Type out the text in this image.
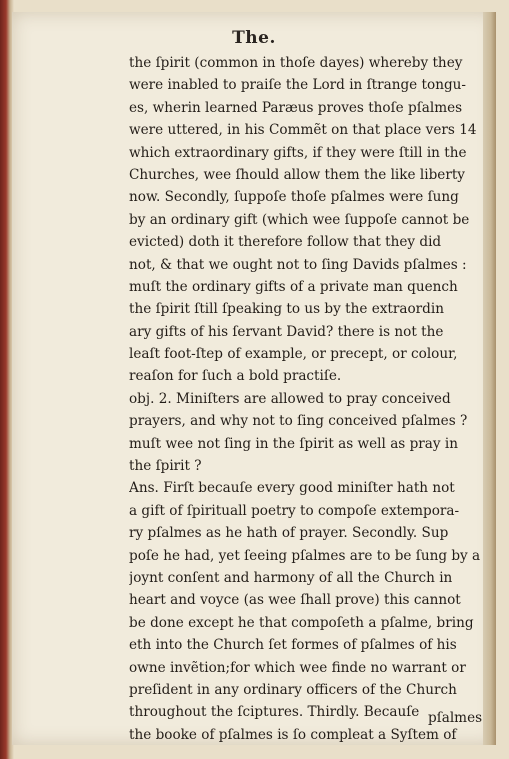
The.
the ſpirit (common in thoſe dayes) whereby they
were inabled to praiſe the Lord in ſtrange tongu-
es, wherin learned Paræus proves thoſe pſalmes
were uttered, in his Commẽt on that place vers 14
which extraordinary gifts, if they were ſtill in the
Churches, wee ſhould allow them the like liberty
now. Secondly, ſuppoſe thoſe pſalmes were ſung
by an ordinary gift (which wee ſuppoſe cannot be
evicted) doth it therefore follow that they did
not, & that we ought not to ſing Davids pſalmes :
muſt the ordinary gifts of a private man quench
the ſpirit ſtill ſpeaking to us by the extraordin
ary gifts of his ſervant David? there is not the
leaſt foot-ſtep of example, or precept, or colour,
reaſon for ſuch a bold practiſe.
obj. 2. Miniſters are allowed to pray conceived
prayers, and why not to ſing conceived pſalmes ?
muſt wee not ſing in the ſpirit as well as pray in
the ſpirit ?
Ans. Firſt becauſe every good miniſter hath not
a gift of ſpirituall poetry to compoſe extempora-
ry pſalmes as he hath of prayer. Secondly. Sup
poſe he had, yet ſeeing pſalmes are to be ſung by a
joynt conſent and harmony of all the Church in
heart and voyce (as wee ſhall prove) this cannot
be done except he that compoſeth a pſalme, bring
eth into the Church ſet formes of pſalmes of his
owne invẽtion;for which wee finde no warrant or
preſident in any ordinary officers of the Church
throughout the ſciptures. Thirdly. Becauſe
the booke of pſalmes is ſo compleat a Syſtem of
pſalmes
